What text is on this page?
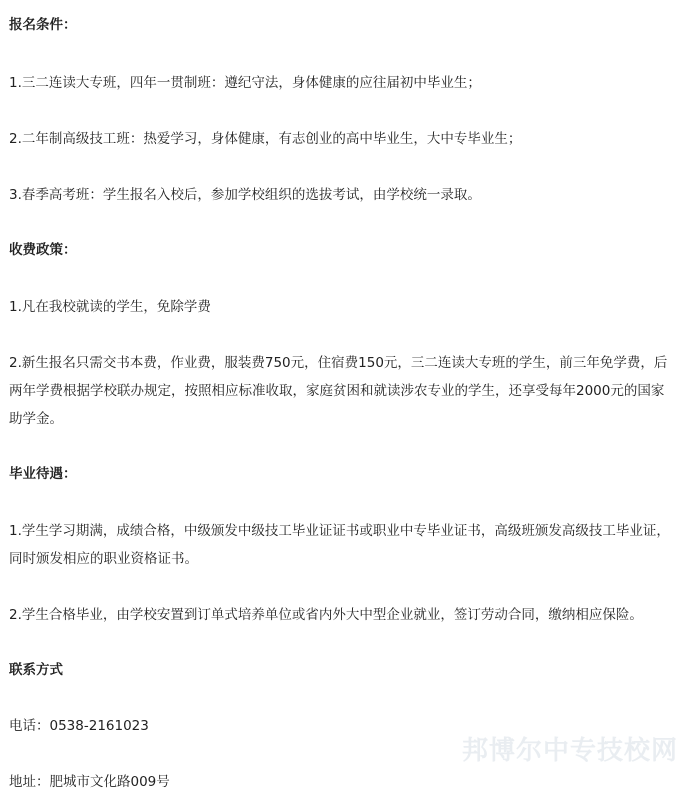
报名条件：
1.三二连读大专班，四年一贯制班：遵纪守法，身体健康的应往届初中毕业生；
2.二年制高级技工班：热爱学习，身体健康，有志创业的高中毕业生，大中专毕业生；
3.春季高考班：学生报名入校后，参加学校组织的选拔考试，由学校统一录取。
收费政策：
1.凡在我校就读的学生，免除学费
2.新生报名只需交书本费，作业费，服装费750元，住宿费150元，三二连读大专班的学生，前三年免学费，后两年学费根据学校联办规定，按照相应标准收取，家庭贫困和就读涉农专业的学生，还享受每年2000元的国家助学金。
毕业待遇：
1.学生学习期满，成绩合格，中级颁发中级技工毕业证证书或职业中专毕业证书，高级班颁发高级技工毕业证，同时颁发相应的职业资格证书。
2.学生合格毕业，由学校安置到订单式培养单位或省内外大中型企业就业，签订劳动合同，缴纳相应保险。
联系方式
电话：0538-2161023
地址：肥城市文化路009号
邦博尔中专技校网
